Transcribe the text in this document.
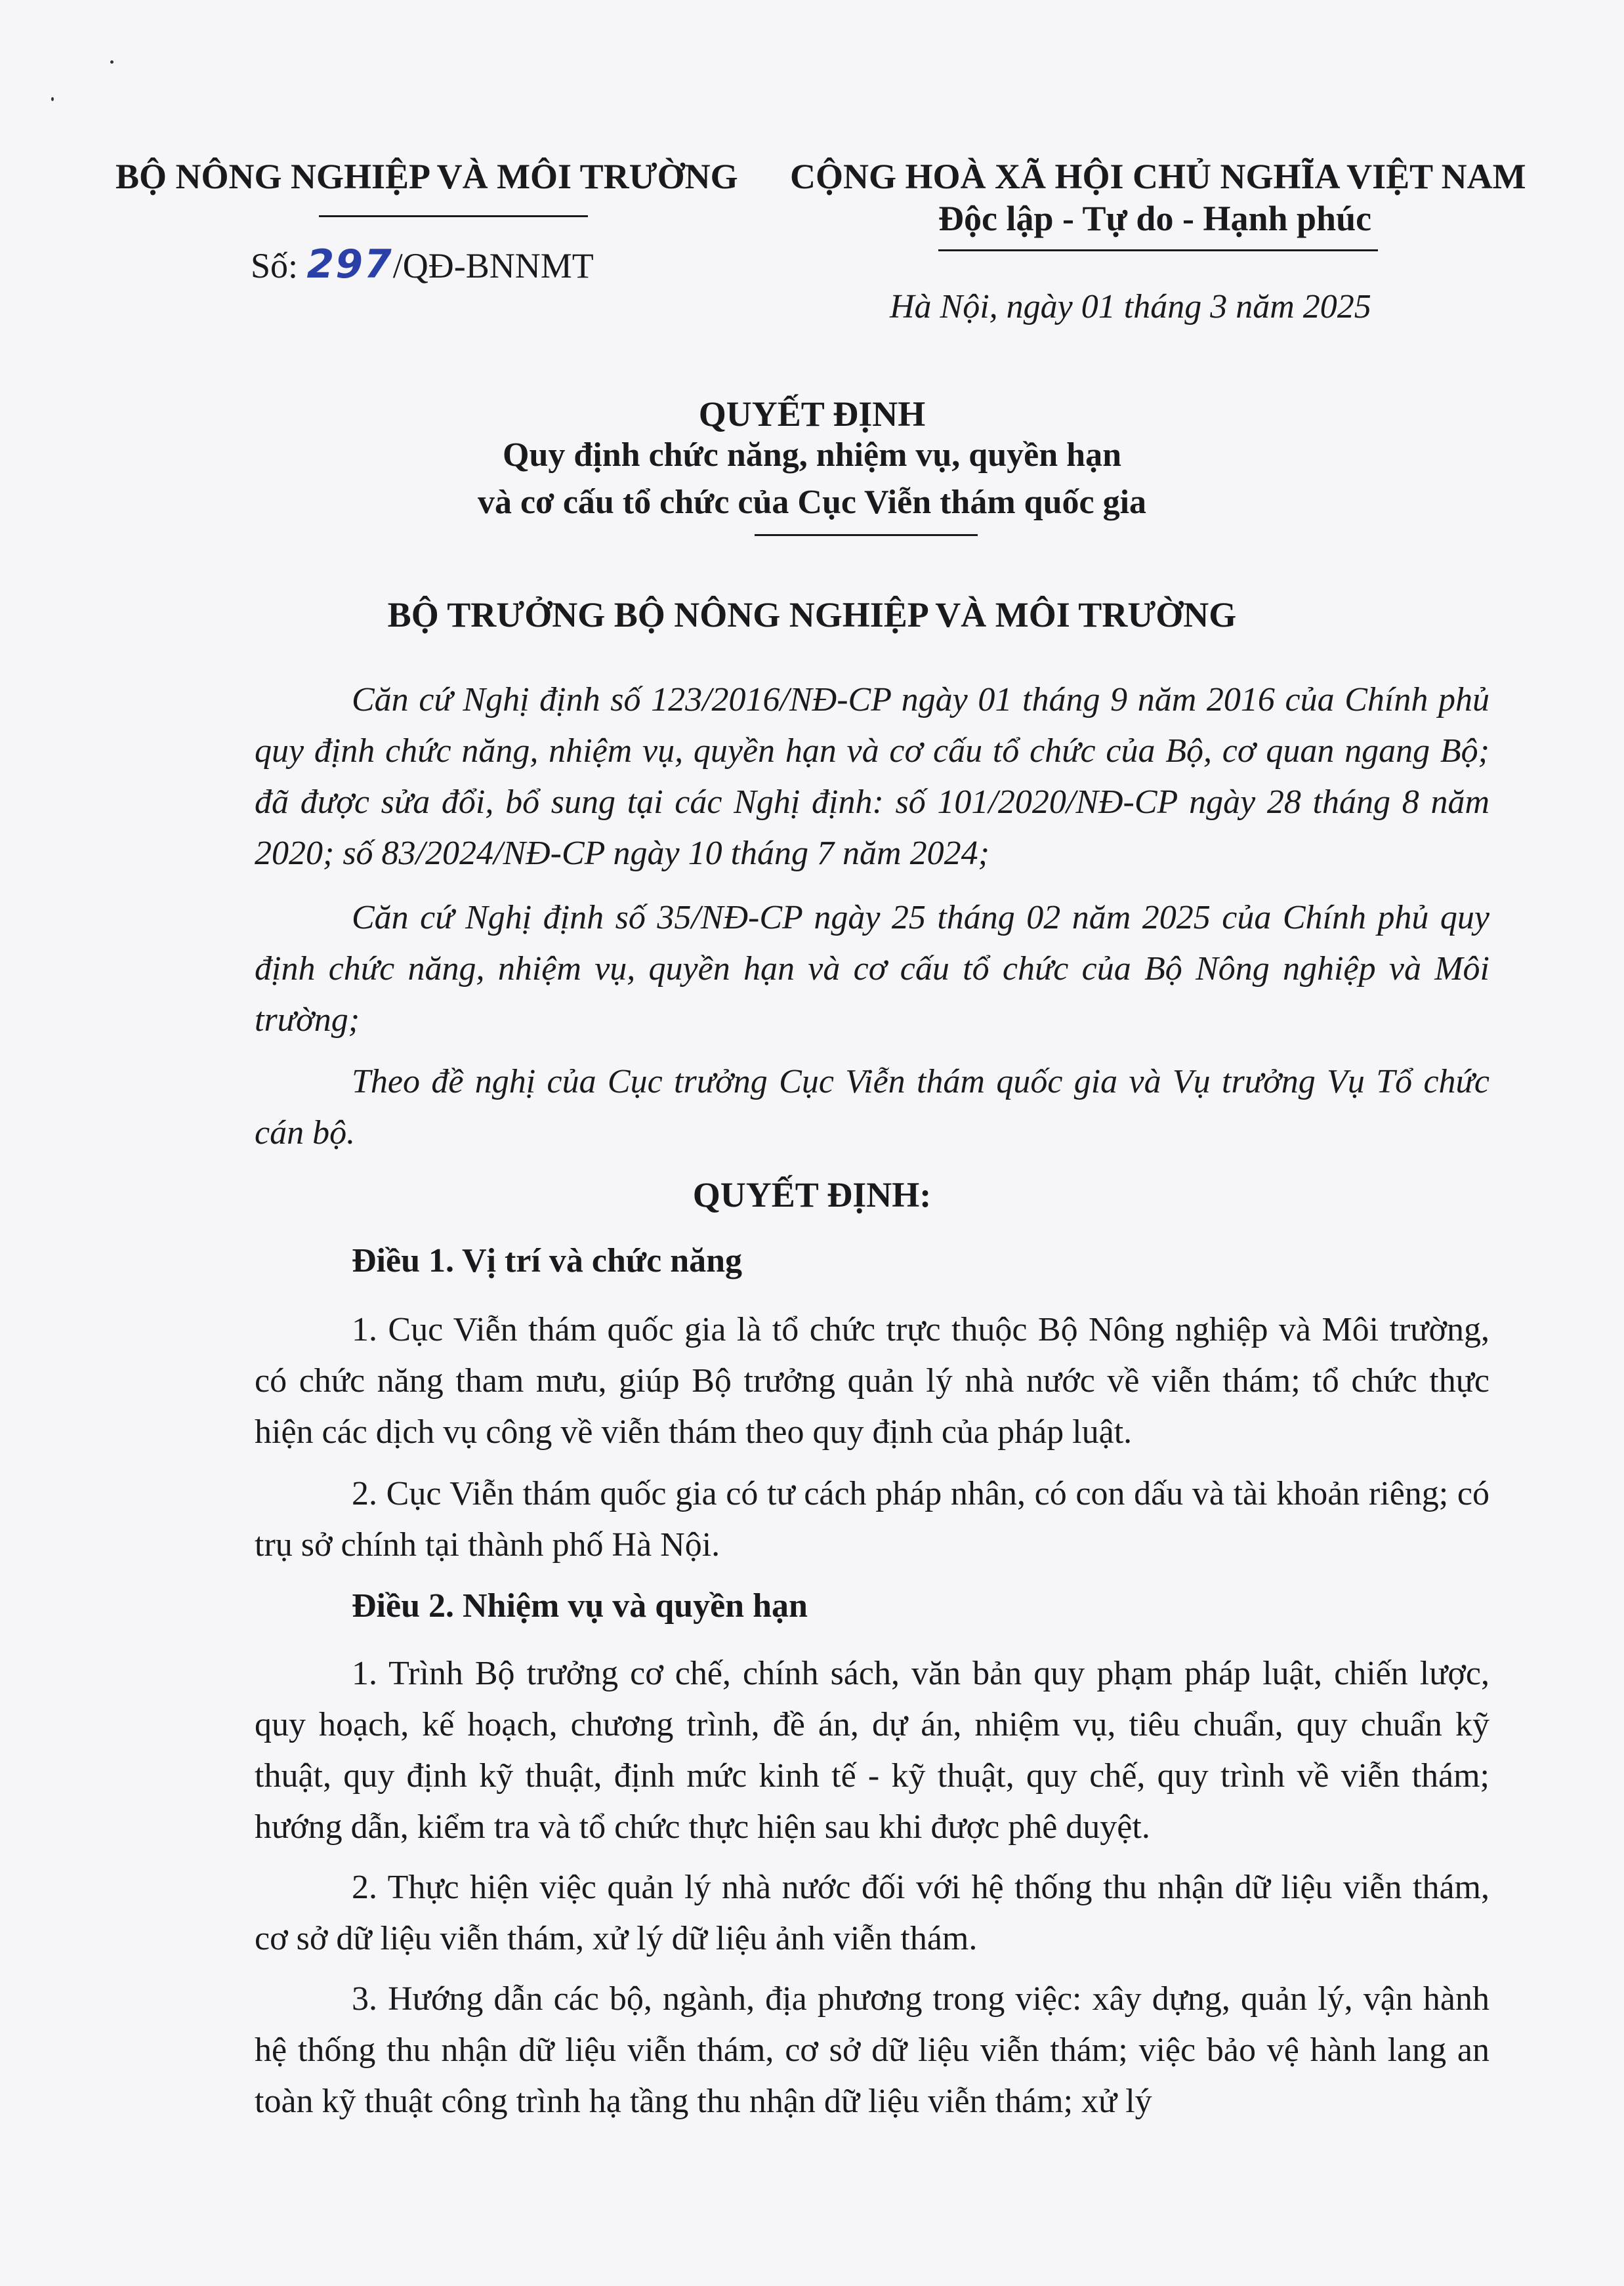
BỘ NÔNG NGHIỆP VÀ MÔI TRƯỜNG
Số: 297/QĐ-BNNMT
CỘNG HOÀ XÃ HỘI CHỦ NGHĨA VIỆT NAM
Độc lập - Tự do - Hạnh phúc
Hà Nội, ngày 01 tháng 3 năm 2025
QUYẾT ĐỊNH
Quy định chức năng, nhiệm vụ, quyền hạn
và cơ cấu tổ chức của Cục Viễn thám quốc gia
BỘ TRƯỞNG BỘ NÔNG NGHIỆP VÀ MÔI TRƯỜNG
Căn cứ Nghị định số 123/2016/NĐ-CP ngày 01 tháng 9 năm 2016 của Chính phủ quy định chức năng, nhiệm vụ, quyền hạn và cơ cấu tổ chức của Bộ, cơ quan ngang Bộ; đã được sửa đổi, bổ sung tại các Nghị định: số 101/2020/NĐ-CP ngày 28 tháng 8 năm 2020; số 83/2024/NĐ-CP ngày 10 tháng 7 năm 2024;
Căn cứ Nghị định số 35/NĐ-CP ngày 25 tháng 02 năm 2025 của Chính phủ quy định chức năng, nhiệm vụ, quyền hạn và cơ cấu tổ chức của Bộ Nông nghiệp và Môi trường;
Theo đề nghị của Cục trưởng Cục Viễn thám quốc gia và Vụ trưởng Vụ Tổ chức cán bộ.
QUYẾT ĐỊNH:
Điều 1. Vị trí và chức năng
1. Cục Viễn thám quốc gia là tổ chức trực thuộc Bộ Nông nghiệp và Môi trường, có chức năng tham mưu, giúp Bộ trưởng quản lý nhà nước về viễn thám; tổ chức thực hiện các dịch vụ công về viễn thám theo quy định của pháp luật.
2. Cục Viễn thám quốc gia có tư cách pháp nhân, có con dấu và tài khoản riêng; có trụ sở chính tại thành phố Hà Nội.
Điều 2. Nhiệm vụ và quyền hạn
1. Trình Bộ trưởng cơ chế, chính sách, văn bản quy phạm pháp luật, chiến lược, quy hoạch, kế hoạch, chương trình, đề án, dự án, nhiệm vụ, tiêu chuẩn, quy chuẩn kỹ thuật, quy định kỹ thuật, định mức kinh tế - kỹ thuật, quy chế, quy trình về viễn thám; hướng dẫn, kiểm tra và tổ chức thực hiện sau khi được phê duyệt.
2. Thực hiện việc quản lý nhà nước đối với hệ thống thu nhận dữ liệu viễn thám, cơ sở dữ liệu viễn thám, xử lý dữ liệu ảnh viễn thám.
3. Hướng dẫn các bộ, ngành, địa phương trong việc: xây dựng, quản lý, vận hành hệ thống thu nhận dữ liệu viễn thám, cơ sở dữ liệu viễn thám; việc bảo vệ hành lang an toàn kỹ thuật công trình hạ tầng thu nhận dữ liệu viễn thám; xử lý
